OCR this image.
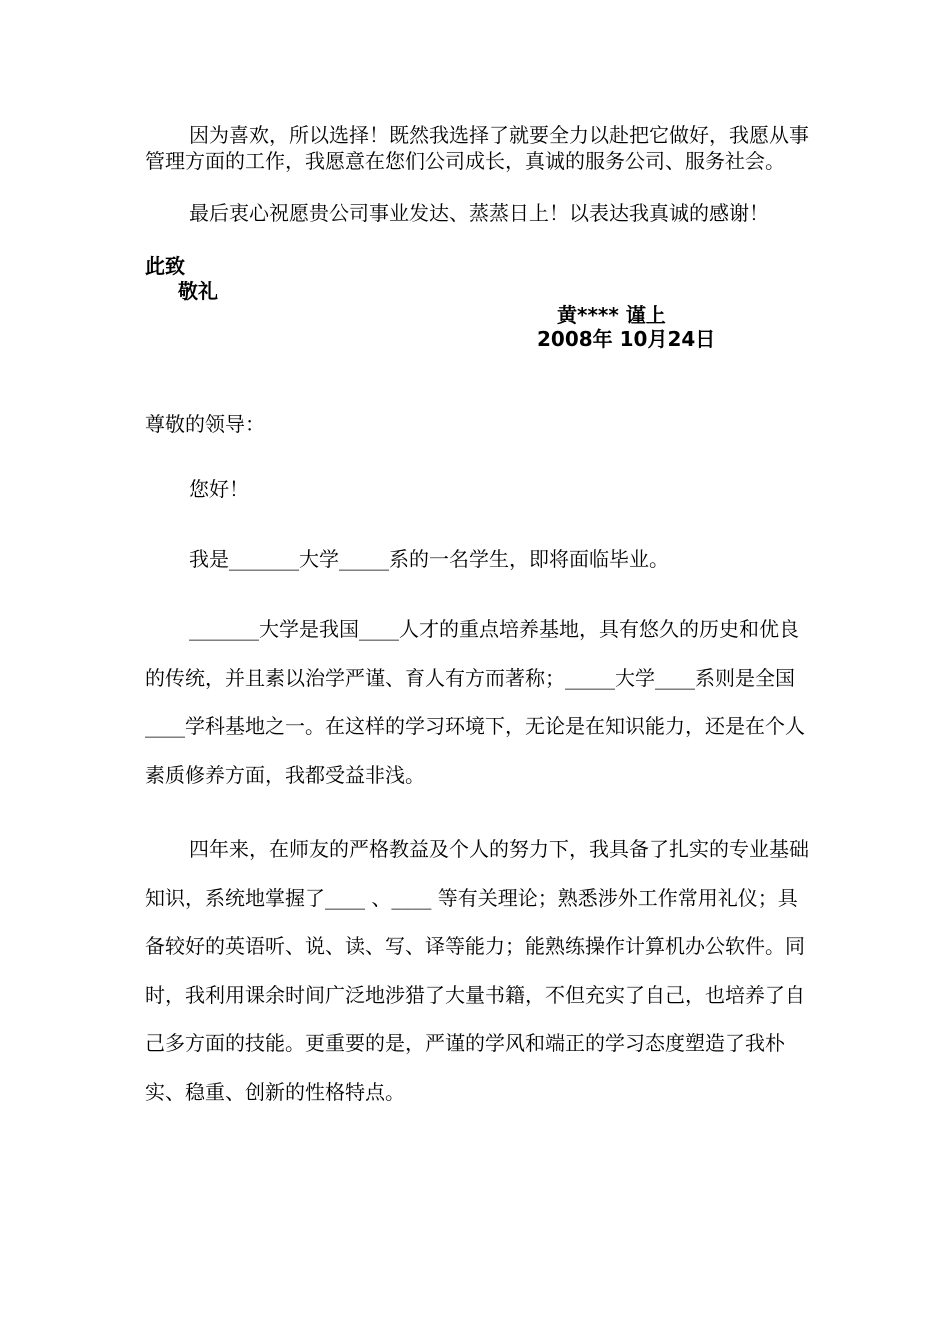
因为喜欢，所以选择！既然我选择了就要全力以赴把它做好，我愿从事管理方面的工作，我愿意在您们公司成长，真诚的服务公司、服务社会。
最后衷心祝愿贵公司事业发达、蒸蒸日上！以表达我真诚的感谢！
此致
敬礼
黄**** 谨上
2008年 10月24日
尊敬的领导：
您好！
我是_______大学_____系的一名学生，即将面临毕业。
_______大学是我国____人才的重点培养基地，具有悠久的历史和优良的传统，并且素以治学严谨、育人有方而著称；_____大学____系则是全国____学科基地之一。在这样的学习环境下，无论是在知识能力，还是在个人素质修养方面，我都受益非浅。
四年来，在师友的严格教益及个人的努力下，我具备了扎实的专业基础知识，系统地掌握了____ 、____ 等有关理论；熟悉涉外工作常用礼仪；具备较好的英语听、说、读、写、译等能力；能熟练操作计算机办公软件。同时，我利用课余时间广泛地涉猎了大量书籍，不但充实了自己，也培养了自己多方面的技能。更重要的是，严谨的学风和端正的学习态度塑造了我朴实、稳重、创新的性格特点。
